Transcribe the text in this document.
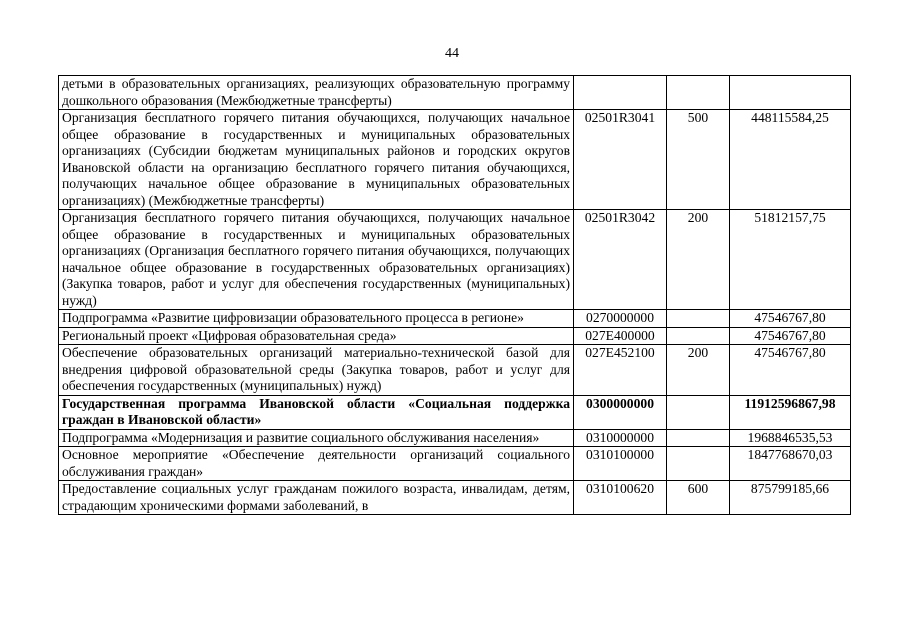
44
детьми в образовательных организациях, реализующих образовательную программу дошкольного образования (Межбюджетные трансферты)			
Организация бесплатного горячего питания обучающихся, получающих начальное общее образование в государственных и муниципальных образовательных организациях (Субсидии бюджетам муниципальных районов и городских округов Ивановской области на организацию бесплатного горячего питания обучающихся, получающих начальное общее образование в муниципальных образовательных организациях) (Межбюджетные трансферты)	02501R3041	500	448115584,25
Организация бесплатного горячего питания обучающихся, получающих начальное общее образование в государственных и муниципальных образовательных организациях (Организация бесплатного горячего питания обучающихся, получающих начальное общее образование в государственных образовательных организациях) (Закупка товаров, работ и услуг для обеспечения государственных (муниципальных) нужд)	02501R3042	200	51812157,75
Подпрограмма «Развитие цифровизации образовательного процесса в регионе»	0270000000		47546767,80
Региональный проект «Цифровая образовательная среда»	027E400000		47546767,80
Обеспечение образовательных организаций материально-технической базой для внедрения цифровой образовательной среды (Закупка товаров, работ и услуг для обеспечения государственных (муниципальных) нужд)	027E452100	200	47546767,80
Государственная программа Ивановской области «Социальная поддержка граждан в Ивановской области»	0300000000		11912596867,98
Подпрограмма «Модернизация и развитие социального обслуживания населения»	0310000000		1968846535,53
Основное мероприятие «Обеспечение деятельности организаций социального обслуживания граждан»	0310100000		1847768670,03
Предоставление социальных услуг гражданам пожилого возраста, инвалидам, детям, страдающим хроническими формами заболеваний, в	0310100620	600	875799185,66
